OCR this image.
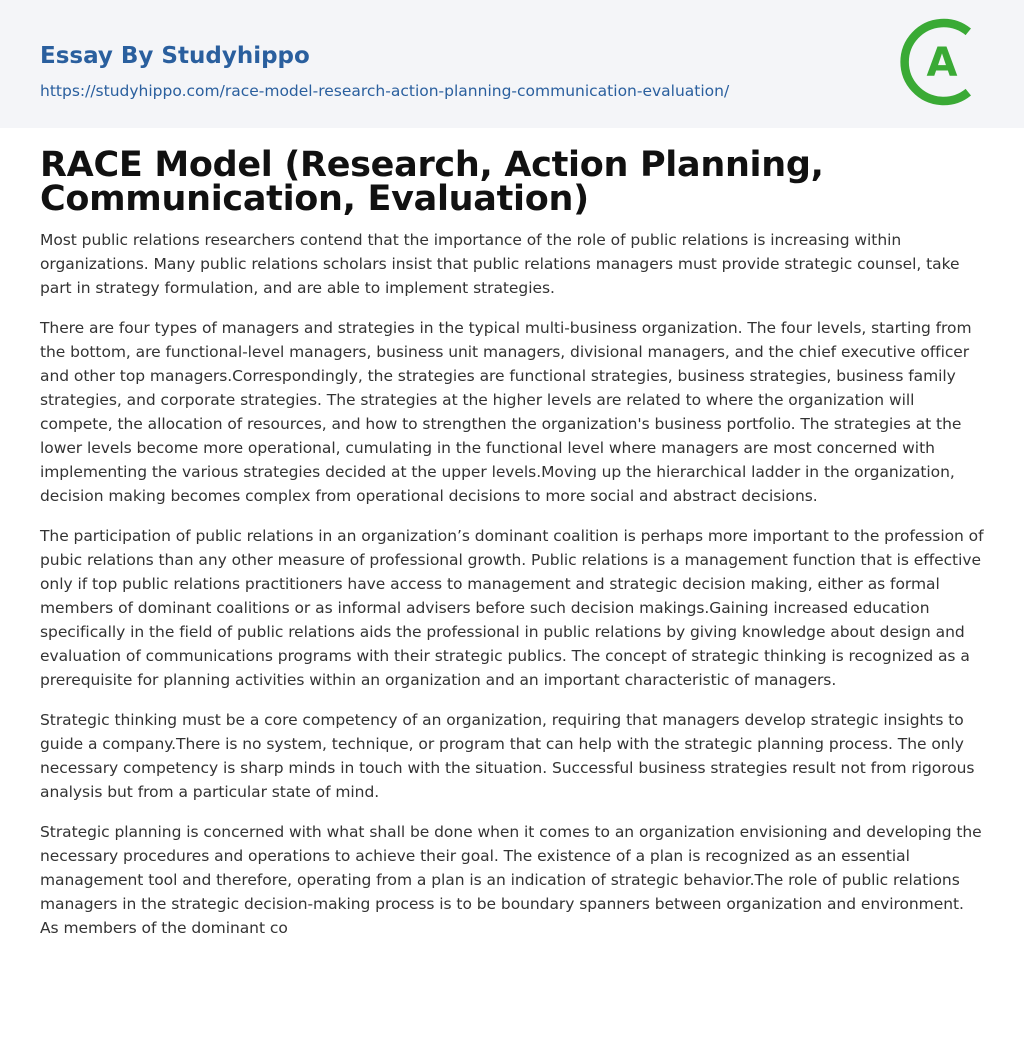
Essay By Studyhippo
https://studyhippo.com/race-model-research-action-planning-communication-evaluation/
A
RACE Model (Research, Action Planning, Communication, Evaluation)

Most public relations researchers contend that the importance of the role of public relations is increasing within organizations. Many public relations scholars insist that public relations managers must provide strategic counsel, take part in strategy formulation, and are able to implement strategies.

There are four types of managers and strategies in the typical multi-business organization. The four levels, starting from the bottom, are functional-level managers, business unit managers, divisional managers, and the chief executive officer and other top managers.Correspondingly, the strategies are functional strategies, business strategies, business family strategies, and corporate strategies. The strategies at the higher levels are related to where the organization will compete, the allocation of resources, and how to strengthen the organization's business portfolio. The strategies at the lower levels become more operational, cumulating in the functional level where managers are most concerned with implementing the various strategies decided at the upper levels.Moving up the hierarchical ladder in the organization, decision making becomes complex from operational decisions to more social and abstract decisions.

The participation of public relations in an organization’s dominant coalition is perhaps more important to the profession of pubic relations than any other measure of professional growth. Public relations is a management function that is effective only if top public relations practitioners have access to management and strategic decision making, either as formal members of dominant coalitions or as informal advisers before such decision makings.Gaining increased education specifically in the field of public relations aids the professional in public relations by giving knowledge about design and evaluation of communications programs with their strategic publics. The concept of strategic thinking is recognized as a prerequisite for planning activities within an organization and an important characteristic of managers.

Strategic thinking must be a core competency of an organization, requiring that managers develop strategic insights to guide a company.There is no system, technique, or program that can help with the strategic planning process. The only necessary competency is sharp minds in touch with the situation. Successful business strategies result not from rigorous analysis but from a particular state of mind.

Strategic planning is concerned with what shall be done when it comes to an organization envisioning and developing the necessary procedures and operations to achieve their goal. The existence of a plan is recognized as an essential management tool and therefore, operating from a plan is an indication of strategic behavior.The role of public relations managers in the strategic decision-making process is to be boundary spanners between organization and environment. As members of the dominant co
